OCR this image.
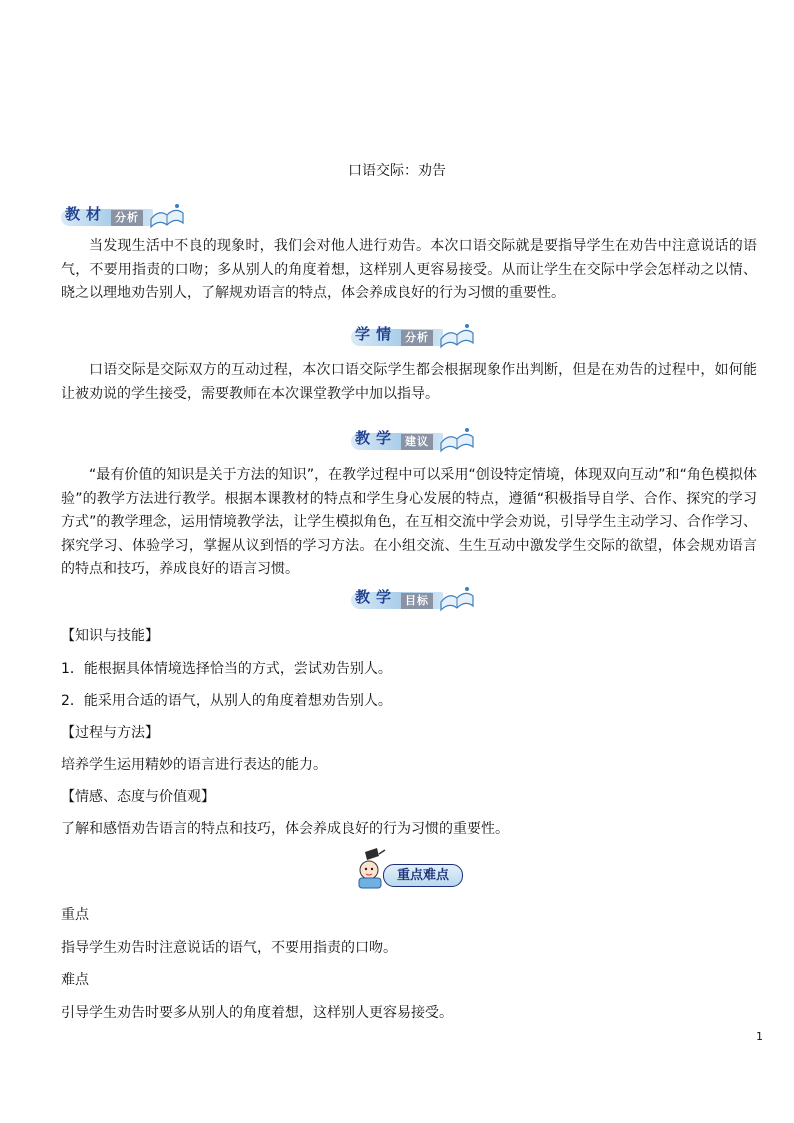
口语交际：劝告
教材 分析

当发现生活中不良的现象时，我们会对他人进行劝告。本次口语交际就是要指导学生在劝告中注意说话的语气，不要用指责的口吻；多从别人的角度着想，这样别人更容易接受。从而让学生在交际中学会怎样动之以情、晓之以理地劝告别人，了解规劝语言的特点，体会养成良好的行为习惯的重要性。

学情 分析

口语交际是交际双方的互动过程，本次口语交际学生都会根据现象作出判断，但是在劝告的过程中，如何能让被劝说的学生接受，需要教师在本次课堂教学中加以指导。

教学 建议

“最有价值的知识是关于方法的知识”，在教学过程中可以采用“创设特定情境，体现双向互动”和“角色模拟体验”的教学方法进行教学。根据本课教材的特点和学生身心发展的特点，遵循“积极指导自学、合作、探究的学习方式”的教学理念，运用情境教学法，让学生模拟角色，在互相交流中学会劝说，引导学生主动学习、合作学习、探究学习、体验学习，掌握从议到悟的学习方法。在小组交流、生生互动中激发学生交际的欲望，体会规劝语言的特点和技巧，养成良好的语言习惯。

教学 目标

【知识与技能】

1．能根据具体情境选择恰当的方式，尝试劝告别人。

2．能采用合适的语气，从别人的角度着想劝告别人。

【过程与方法】

培养学生运用精妙的语言进行表达的能力。

【情感、态度与价值观】

了解和感悟劝告语言的特点和技巧，体会养成良好的行为习惯的重要性。

重点难点

重点

指导学生劝告时注意说话的语气，不要用指责的口吻。

难点

引导学生劝告时要多从别人的角度着想，这样别人更容易接受。

1
